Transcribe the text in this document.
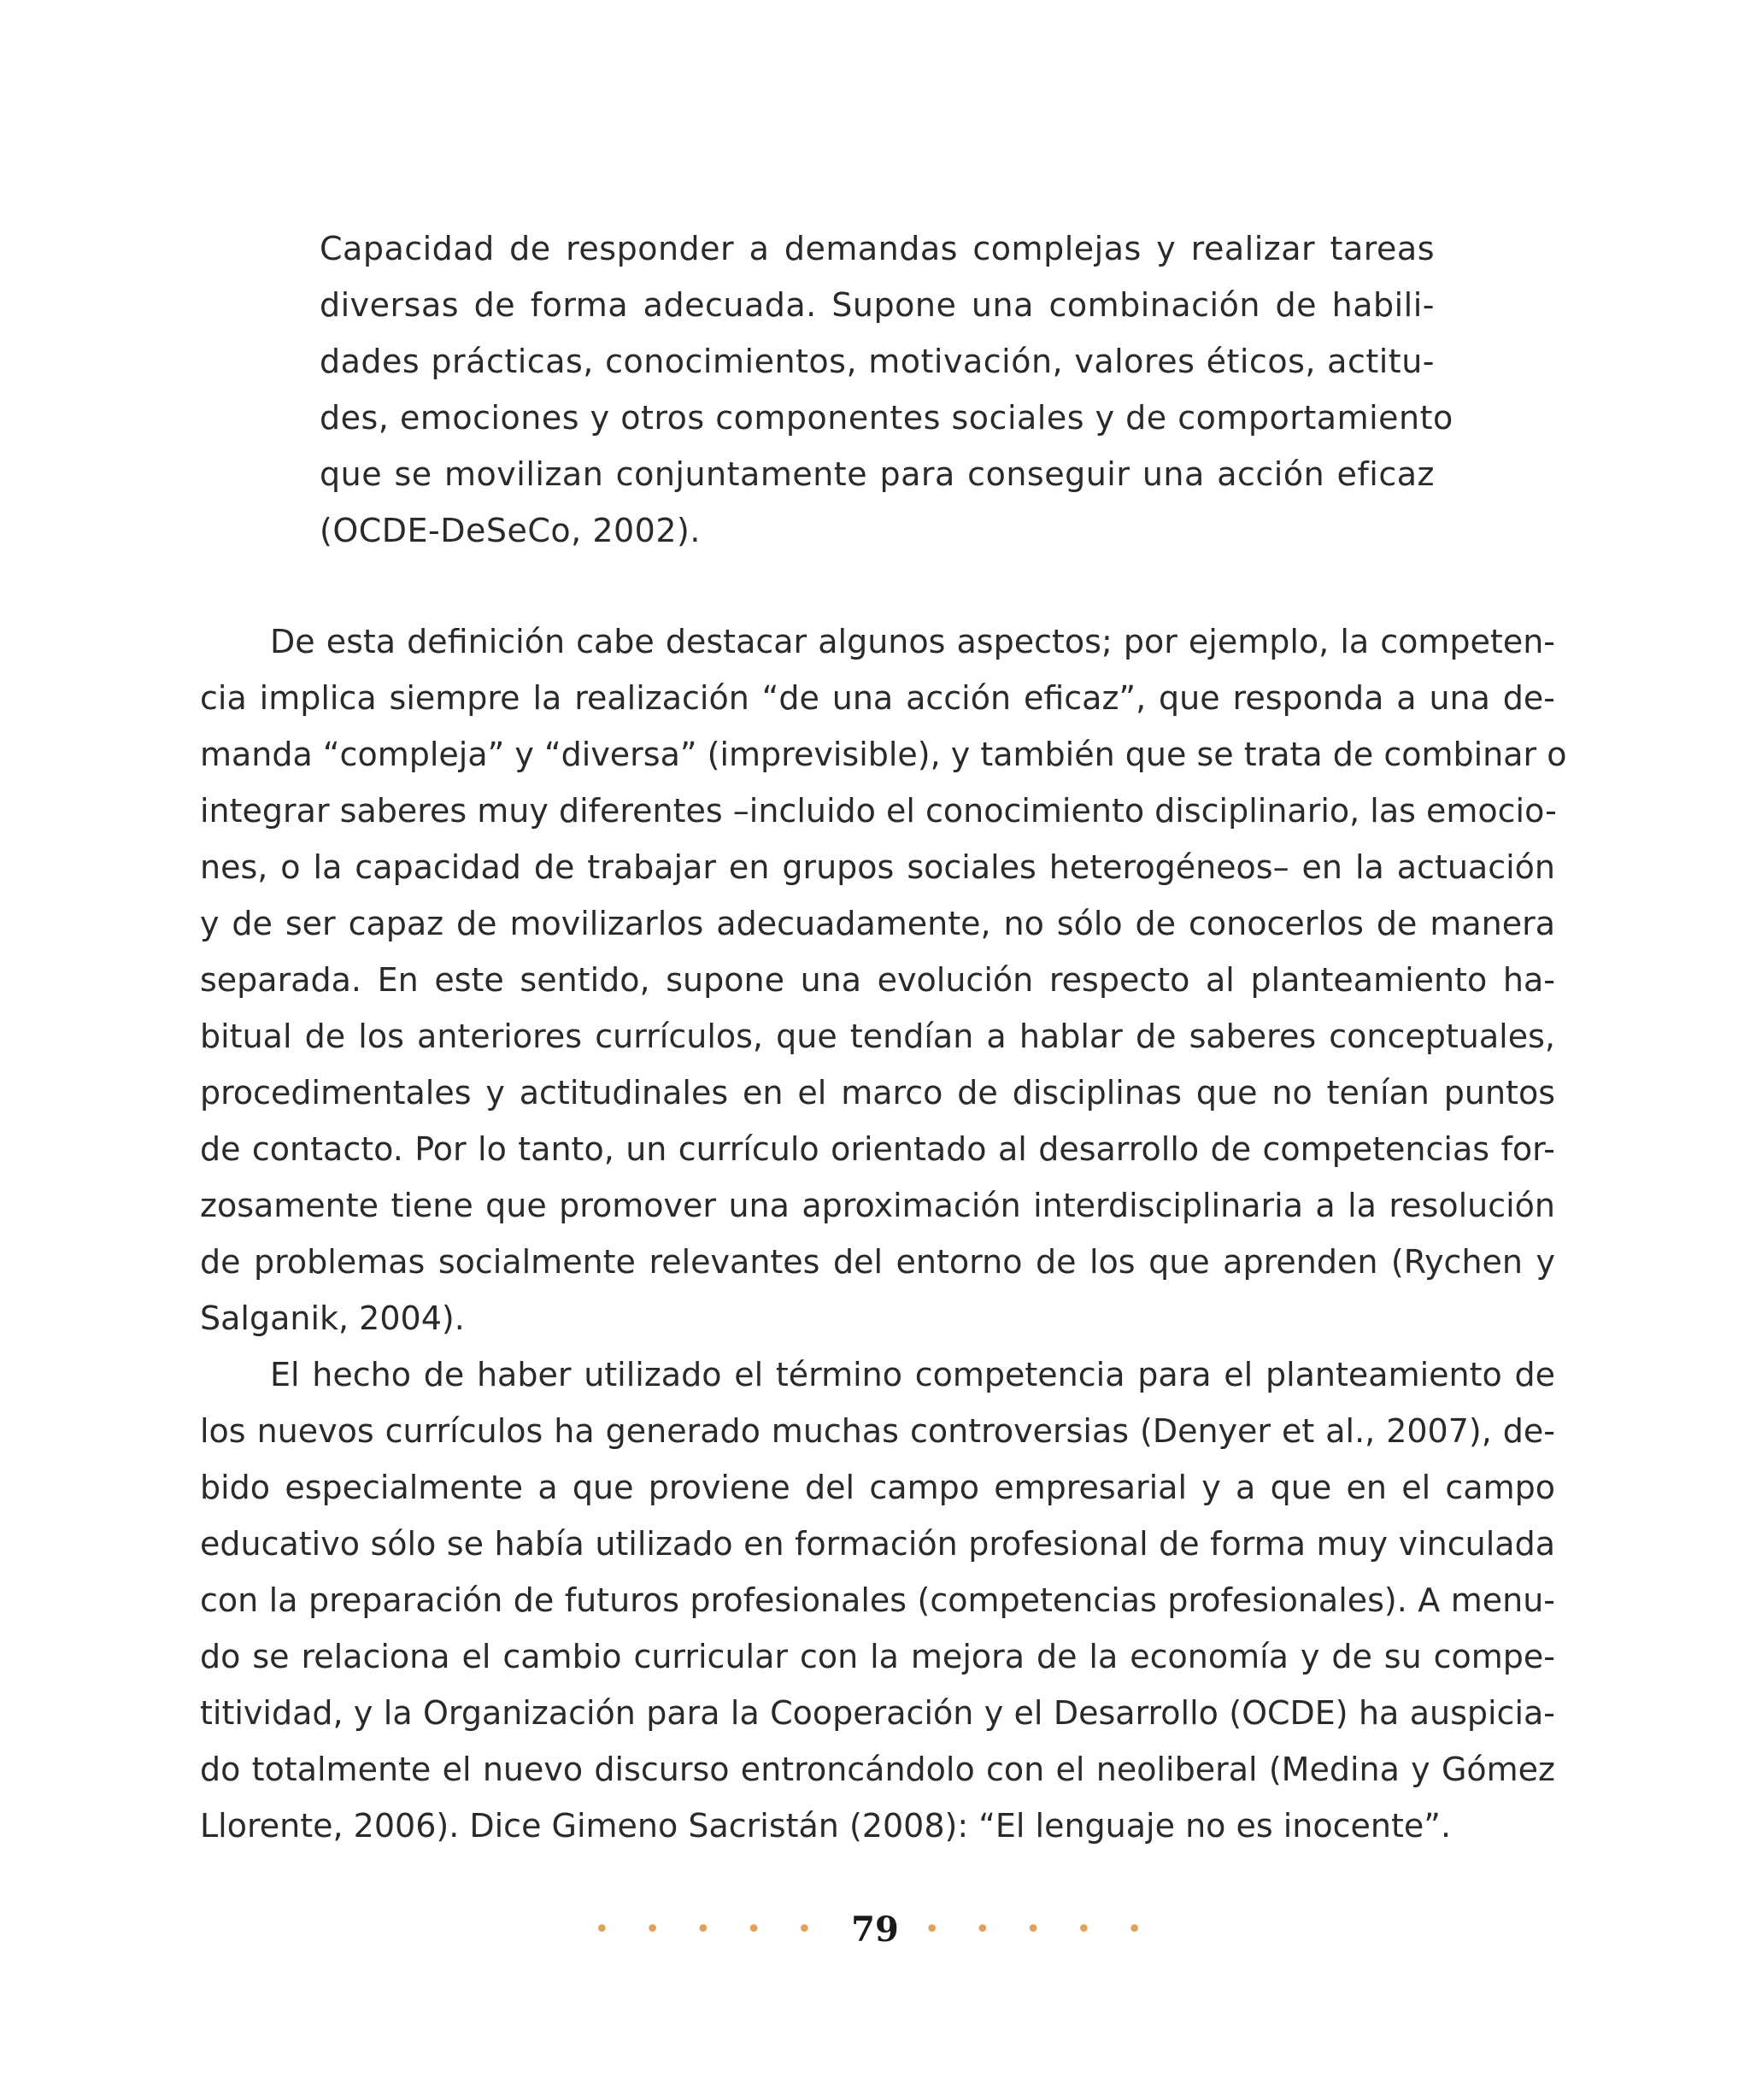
Capacidad de responder a demandas complejas y realizar tareas
diversas de forma adecuada. Supone una combinación de habili-
dades prácticas, conocimientos, motivación, valores éticos, actitu-
des, emociones y otros componentes sociales y de comportamiento
que se movilizan conjuntamente para conseguir una acción eficaz
(OCDE-DeSeCo, 2002).
De esta definición cabe destacar algunos aspectos; por ejemplo, la competen-
cia implica siempre la realización “de una acción eficaz”, que responda a una de-
manda “compleja” y “diversa” (imprevisible), y también que se trata de combinar o
integrar saberes muy diferentes –incluido el conocimiento disciplinario, las emocio-
nes, o la capacidad de trabajar en grupos sociales heterogéneos– en la actuación
y de ser capaz de movilizarlos adecuadamente, no sólo de conocerlos de manera
separada. En este sentido, supone una evolución respecto al planteamiento ha-
bitual de los anteriores currículos, que tendían a hablar de saberes conceptuales,
procedimentales y actitudinales en el marco de disciplinas que no tenían puntos
de contacto. Por lo tanto, un currículo orientado al desarrollo de competencias for-
zosamente tiene que promover una aproximación interdisciplinaria a la resolución
de problemas socialmente relevantes del entorno de los que aprenden (Rychen y
Salganik, 2004).
El hecho de haber utilizado el término competencia para el planteamiento de
los nuevos currículos ha generado muchas controversias (Denyer et al., 2007), de-
bido especialmente a que proviene del campo empresarial y a que en el campo
educativo sólo se había utilizado en formación profesional de forma muy vinculada
con la preparación de futuros profesionales (competencias profesionales). A menu-
do se relaciona el cambio curricular con la mejora de la economía y de su compe-
titividad, y la Organización para la Cooperación y el Desarrollo (OCDE) ha auspicia-
do totalmente el nuevo discurso entroncándolo con el neoliberal (Medina y Gómez
Llorente, 2006). Dice Gimeno Sacristán (2008): “El lenguaje no es inocente”.
• • • • • 79 • • • • •
